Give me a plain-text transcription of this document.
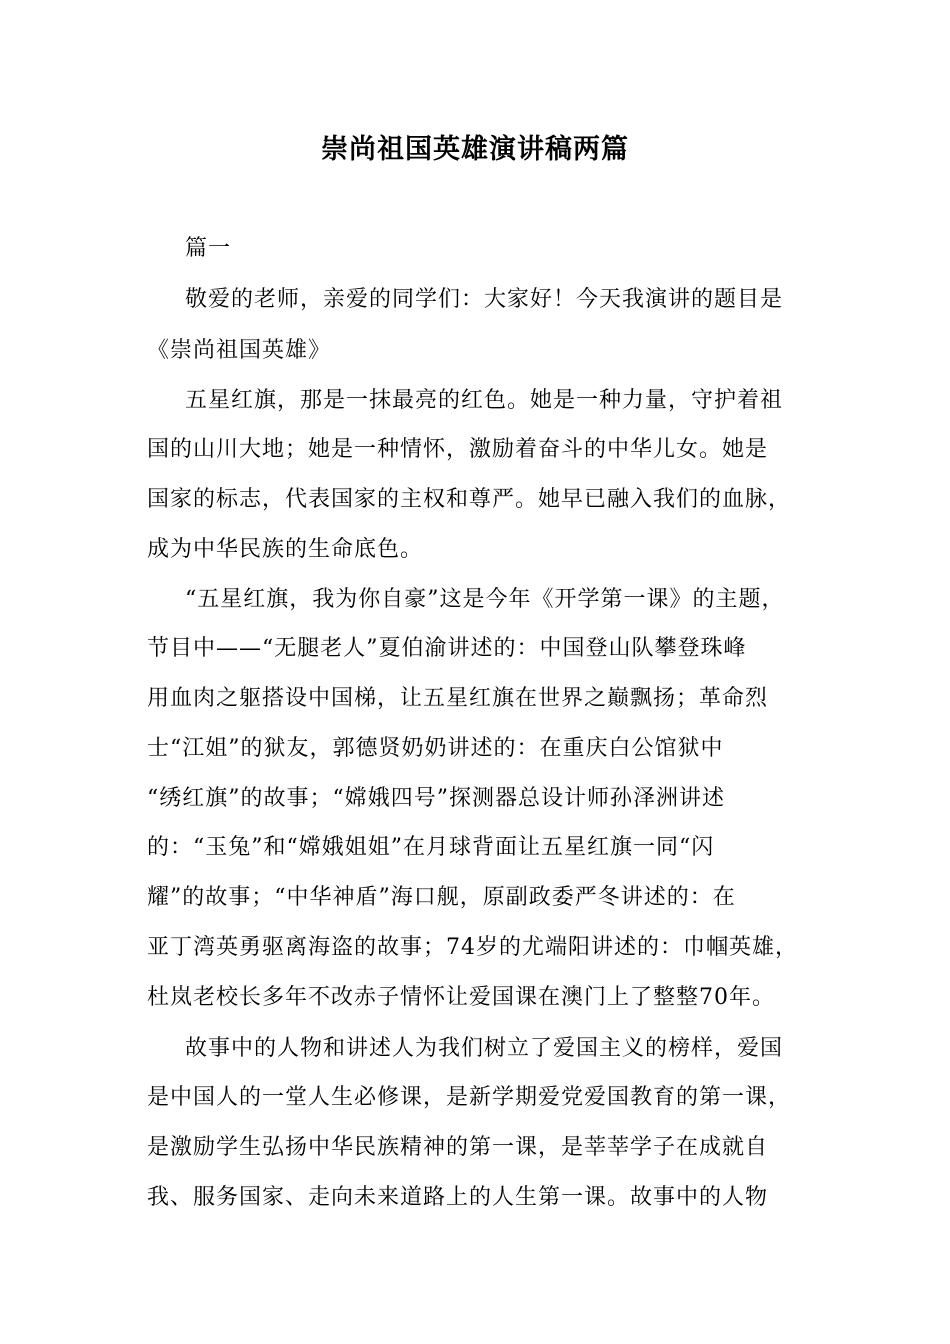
崇尚祖国英雄演讲稿两篇
篇一
敬爱的老师，亲爱的同学们：大家好！今天我演讲的题目是
《崇尚祖国英雄》
五星红旗，那是一抹最亮的红色。她是一种力量，守护着祖
国的山川大地；她是一种情怀，激励着奋斗的中华儿女。她是
国家的标志，代表国家的主权和尊严。她早已融入我们的血脉，
成为中华民族的生命底色。
“五星红旗，我为你自豪”这是今年《开学第一课》的主题，
节目中——“无腿老人”夏伯渝讲述的：中国登山队攀登珠峰
用血肉之躯搭设中国梯，让五星红旗在世界之巅飘扬；革命烈
士“江姐”的狱友，郭德贤奶奶讲述的：在重庆白公馆狱中
“绣红旗”的故事；“嫦娥四号”探测器总设计师孙泽洲讲述
的：“玉兔”和“嫦娥姐姐”在月球背面让五星红旗一同“闪
耀”的故事；“中华神盾”海口舰，原副政委严冬讲述的：在
亚丁湾英勇驱离海盗的故事；74岁的尤端阳讲述的：巾帼英雄，
杜岚老校长多年不改赤子情怀让爱国课在澳门上了整整70年。
故事中的人物和讲述人为我们树立了爱国主义的榜样，爱国
是中国人的一堂人生必修课，是新学期爱党爱国教育的第一课，
是激励学生弘扬中华民族精神的第一课，是莘莘学子在成就自
我、服务国家、走向未来道路上的人生第一课。故事中的人物
